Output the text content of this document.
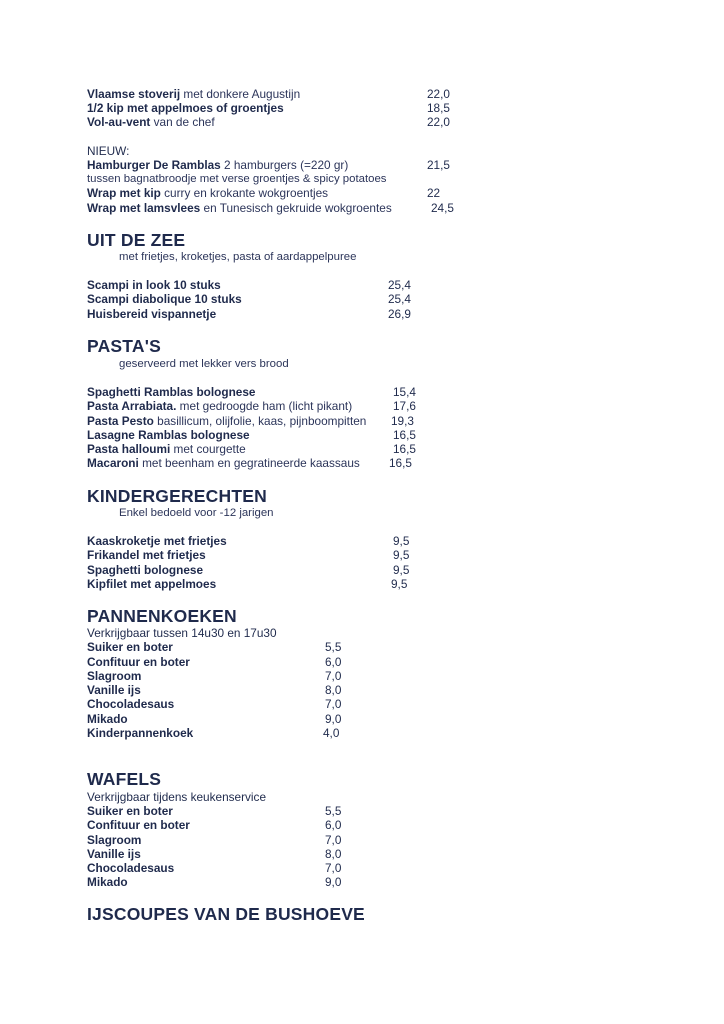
Vlaamse stoverij met donkere Augustijn	22,0
1/2 kip met appelmoes of groentjes	18,5
Vol-au-vent van de chef	22,0
NIEUW:
Hamburger De Ramblas 2 hamburgers (=220 gr)	21,5
tussen bagnatbroodje met verse groentjes & spicy potatoes
Wrap met kip curry en krokante wokgroentjes	22
Wrap met lamsvlees en Tunesisch gekruide wokgroentes	24,5
UIT DE ZEE
met frietjes, kroketjes, pasta of aardappelpuree
Scampi in look 10 stuks	25,4
Scampi diabolique 10 stuks	25,4
Huisbereid vispannetje	26,9
PASTA'S
geserveerd met lekker vers brood
Spaghetti Ramblas bolognese	15,4
Pasta Arrabiata. met gedroogde ham (licht pikant)	17,6
Pasta Pesto basillicum, olijfolie, kaas, pijnboompitten 19,3
Lasagne Ramblas bolognese	16,5
Pasta halloumi met courgette	16,5
Macaroni met beenham en gegratineerde kaassaus 16,5
KINDERGERECHTEN
Enkel bedoeld voor -12 jarigen
Kaaskroketje met frietjes	9,5
Frikandel met frietjes	9,5
Spaghetti bolognese	9,5
Kipfilet met appelmoes	9,5
PANNENKOEKEN
Verkrijgbaar tussen 14u30 en 17u30
Suiker en boter	5,5
Confituur en boter	6,0
Slagroom	7,0
Vanille ijs	8,0
Chocoladesaus	7,0
Mikado	9,0
Kinderpannenkoek	4,0
WAFELS
Verkrijgbaar tijdens keukenservice
Suiker en boter	5,5
Confituur en boter	6,0
Slagroom	7,0
Vanille ijs	8,0
Chocoladesaus	7,0
Mikado	9,0
IJSCOUPES VAN DE BUSHOEVE
